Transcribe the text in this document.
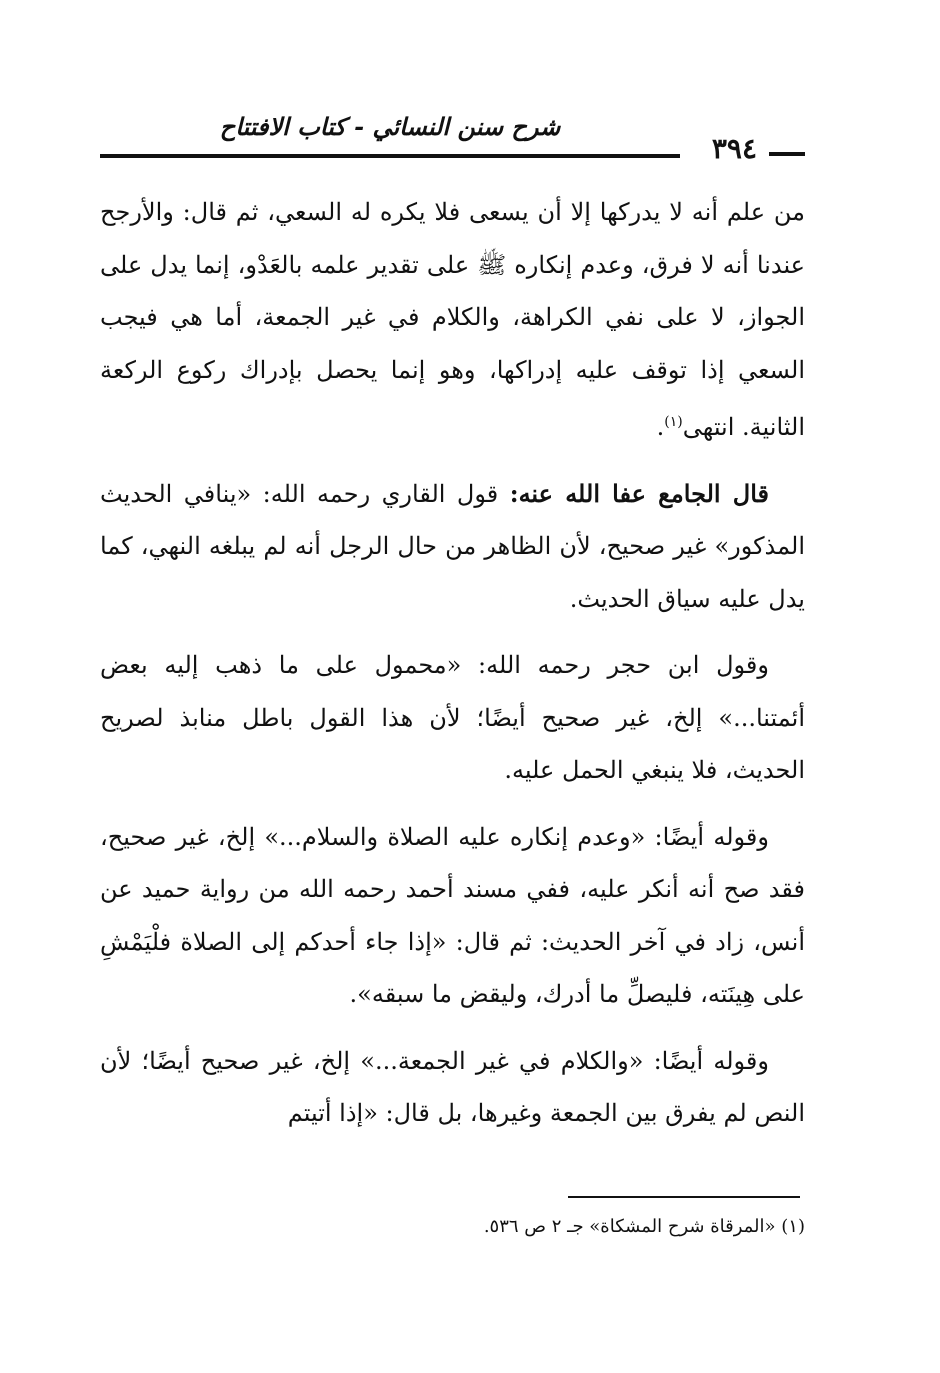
شرح سنن النسائي - كتاب الافتتاح
٣٩٤

من علم أنه لا يدركها إلا أن يسعى فلا يكره له السعي، ثم قال: والأرجح عندنا أنه لا فرق، وعدم إنكاره ﷺ على تقدير علمه بالعَدْو، إنما يدل على الجواز، لا على نفي الكراهة، والكلام في غير الجمعة، أما هي فيجب السعي إذا توقف عليه إدراكها، وهو إنما يحصل بإدراك ركوع الركعة الثانية. انتهى$^{(١)}$.

قال الجامع عفا الله عنه: قول القاري رحمه الله: «ينافي الحديث المذكور» غير صحيح، لأن الظاهر من حال الرجل أنه لم يبلغه النهي، كما يدل عليه سياق الحديث.

وقول ابن حجر رحمه الله: «محمول على ما ذهب إليه بعض أئمتنا...» إلخ، غير صحيح أيضًا؛ لأن هذا القول باطل منابذ لصريح الحديث، فلا ينبغي الحمل عليه.

وقوله أيضًا: «وعدم إنكاره عليه الصلاة والسلام...» إلخ، غير صحيح، فقد صح أنه أنكر عليه، ففي مسند أحمد رحمه الله من رواية حميد عن أنس، زاد في آخر الحديث: ثم قال: «إذا جاء أحدكم إلى الصلاة فلْيَمْشِ على هِينَته، فليصلِّ ما أدرك، وليقض ما سبقه».

وقوله أيضًا: «والكلام في غير الجمعة...» إلخ، غير صحيح أيضًا؛ لأن النص لم يفرق بين الجمعة وغيرها، بل قال: «إذا أتيتم

(١) «المرقاة شرح المشكاة» جـ ٢ ص ٥٣٦.
